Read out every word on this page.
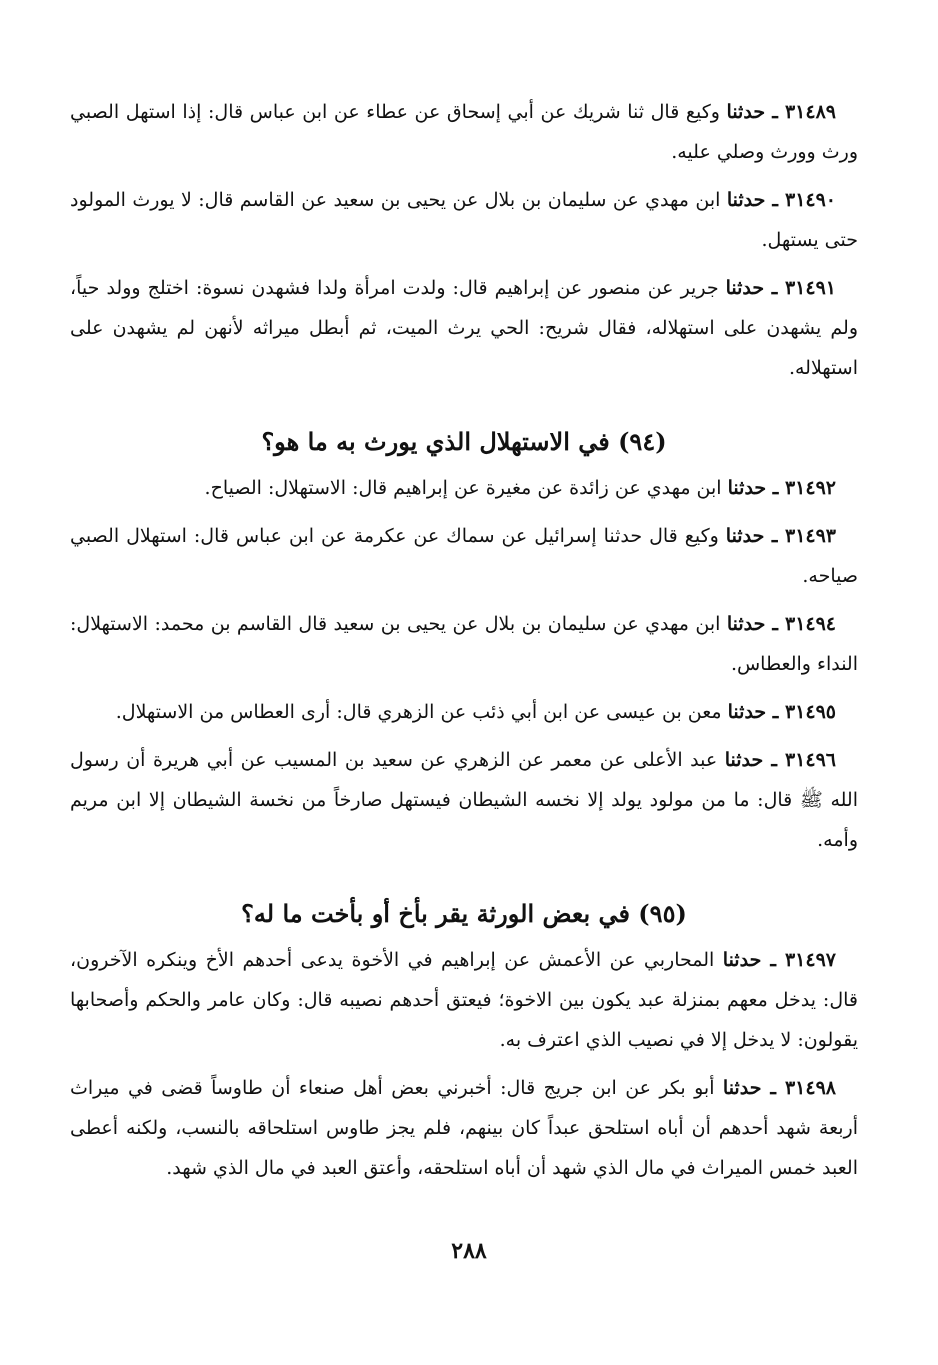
٣١٤٨٩ ـ حدثنا وكيع قال ثنا شريك عن أبي إسحاق عن عطاء عن ابن عباس قال: إذا استهل الصبي ورث وورث وصلي عليه.

٣١٤٩٠ ـ حدثنا ابن مهدي عن سليمان بن بلال عن يحيى بن سعيد عن القاسم قال: لا يورث المولود حتى يستهل.

٣١٤٩١ ـ حدثنا جرير عن منصور عن إبراهيم قال: ولدت امرأة ولدا فشهدن نسوة: اختلج وولد حياً، ولم يشهدن على استهلاله، فقال شريح: الحي يرث الميت، ثم أبطل ميراثه لأنهن لم يشهدن على استهلاله.

(٩٤) في الاستهلال الذي يورث به ما هو؟

٣١٤٩٢ ـ حدثنا ابن مهدي عن زائدة عن مغيرة عن إبراهيم قال: الاستهلال: الصياح.

٣١٤٩٣ ـ حدثنا وكيع قال حدثنا إسرائيل عن سماك عن عكرمة عن ابن عباس قال: استهلال الصبي صياحه.

٣١٤٩٤ ـ حدثنا ابن مهدي عن سليمان بن بلال عن يحيى بن سعيد قال القاسم بن محمد: الاستهلال: النداء والعطاس.

٣١٤٩٥ ـ حدثنا معن بن عيسى عن ابن أبي ذئب عن الزهري قال: أرى العطاس من الاستهلال.

٣١٤٩٦ ـ حدثنا عبد الأعلى عن معمر عن الزهري عن سعيد بن المسيب عن أبي هريرة أن رسول الله ﷺ قال: ما من مولود يولد إلا نخسه الشيطان فيستهل صارخاً من نخسة الشيطان إلا ابن مريم وأمه.

(٩٥) في بعض الورثة يقر بأخ أو بأخت ما له؟

٣١٤٩٧ ـ حدثنا المحاربي عن الأعمش عن إبراهيم في الأخوة يدعى أحدهم الأخ وينكره الآخرون، قال: يدخل معهم بمنزلة عبد يكون بين الاخوة؛ فيعتق أحدهم نصيبه قال: وكان عامر والحكم وأصحابها يقولون: لا يدخل إلا في نصيب الذي اعترف به.

٣١٤٩٨ ـ حدثنا أبو بكر عن ابن جريج قال: أخبرني بعض أهل صنعاء أن طاوساً قضى في ميراث أربعة شهد أحدهم أن أباه استلحق عبداً كان بينهم، فلم يجز طاوس استلحاقه بالنسب، ولكنه أعطى العبد خمس الميراث في مال الذي شهد أن أباه استلحقه، وأعتق العبد في مال الذي شهد.

٢٨٨
